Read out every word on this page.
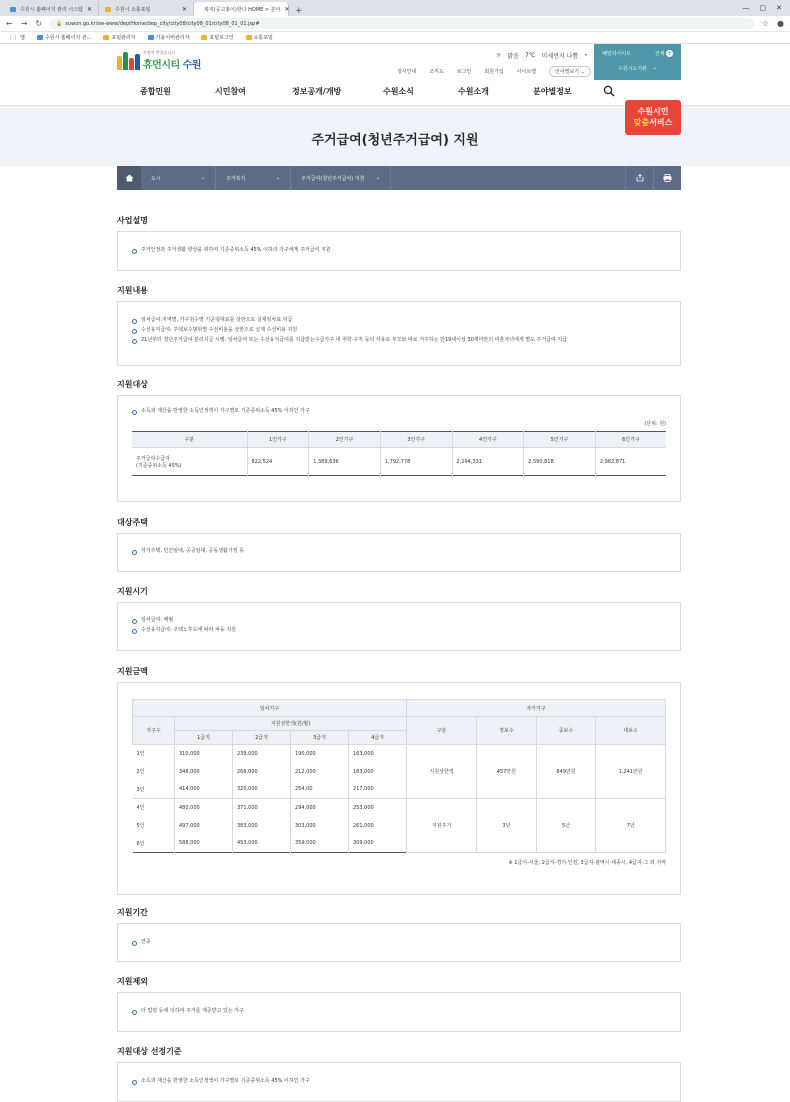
수원시 홈페이지 관리 시스템 ✕	수원시 소통포털	✕	복지(공고홍이)한다 HOME > 분야 ✕ +	— ▢ ✕
← → ↻	🔒 suwon.go.kr/sw-www/deptHome/dep_city/city08/city08_01/city08_01_01.jsp#	☆ ●
⋮⋮ 앱	수원시 홈페이지 관...	포털관리자	가용서버관리자	포털로그인	소통포털
사람이 반갑습니다
휴먼시티 수원
☼ 맑음 7℃ 미세먼지 나쁨 •
청사안내	조직도	로그인	회원가입	사이트맵	언어별보기 ⌄
패밀리사이트	전체 +
수원시도서관 ⌄
종합민원	시민참여	정보공개/개방	수원소식	수원소개	분야별정보
수원시민
맞춤서비스
주거급여(청년주거급여) 지원
도시	⌄	주거복지	⌄	주거급여(청년주거급여) 지원 ⌄
사업설명
주거안정과 주거생활 향상을 위하여 기준중위소득 45% 이하의 가구에게 주거급여 지원
지원내용
임차급여:지역별, 가구원수별 기준임대료를 상한으로 실제임차료 지급
수선유지급여: 주택보수범위별 수선비용을 상한으로 실제 수선비용 지원
21년부터 청년주거급여 분리지급 시행: 임차급여 또는 수선유지급여를 지급받는수급가구 내 취학·구직 등의 사유로 부모와 따로 거주하는 만19세이상 30세미만의 미혼자녀에게 별도 주거급여 지급
지원대상
소득과 재산을 반영한 소득인정액이 가구별로 기준중위소득 45% 이하인 가구
(단위: 원)
구분	1인가구	2인가구	3인가구	4인가구	5인가구	6인가구

주거급여수급자
(기준중위소득 45%)	822,524	1,389,636	1,792,778	2,194,331	2,590,818	2,982,871
대상주택
자가주택, 민간임대, 공공임대, 공동생활가정 등
지원시기
임차급여: 매월
수선유지급여: 주택노후도에 따라 차등 지원
지원금액
임차가구					자가가구			
가구수	지원상한액(원/월)				구분	경보수	중보수	대보수
	1급지	2급지	3급지	4급지				
1인	310,000	239,000	190,000	163,000	지원상한액	457만원	849만원	1,241만원
2인	348,000	268,000	212,000	183,000				
3인	414,000	320,000	254,00	217,000				
4인	480,000	371,000	294,000	253,000	지원주기	3년	5년	7년
5인	497,000	383,000	303,000	261,000				
6인	588,000	453,000	359,000	309,000				
※ 1급지-서울, 2급지-경기·인천, 3급지-광역시·세종시, 4급지-그 외 지역
지원기간
연중
지원제외
타 법령 등에 의하여 주거를 제공받고 있는 가구
지원대상 선정기준
소득과 재산을 반영한 소득인정액이 가구별로 기준중위소득 45% 이하인 가구
